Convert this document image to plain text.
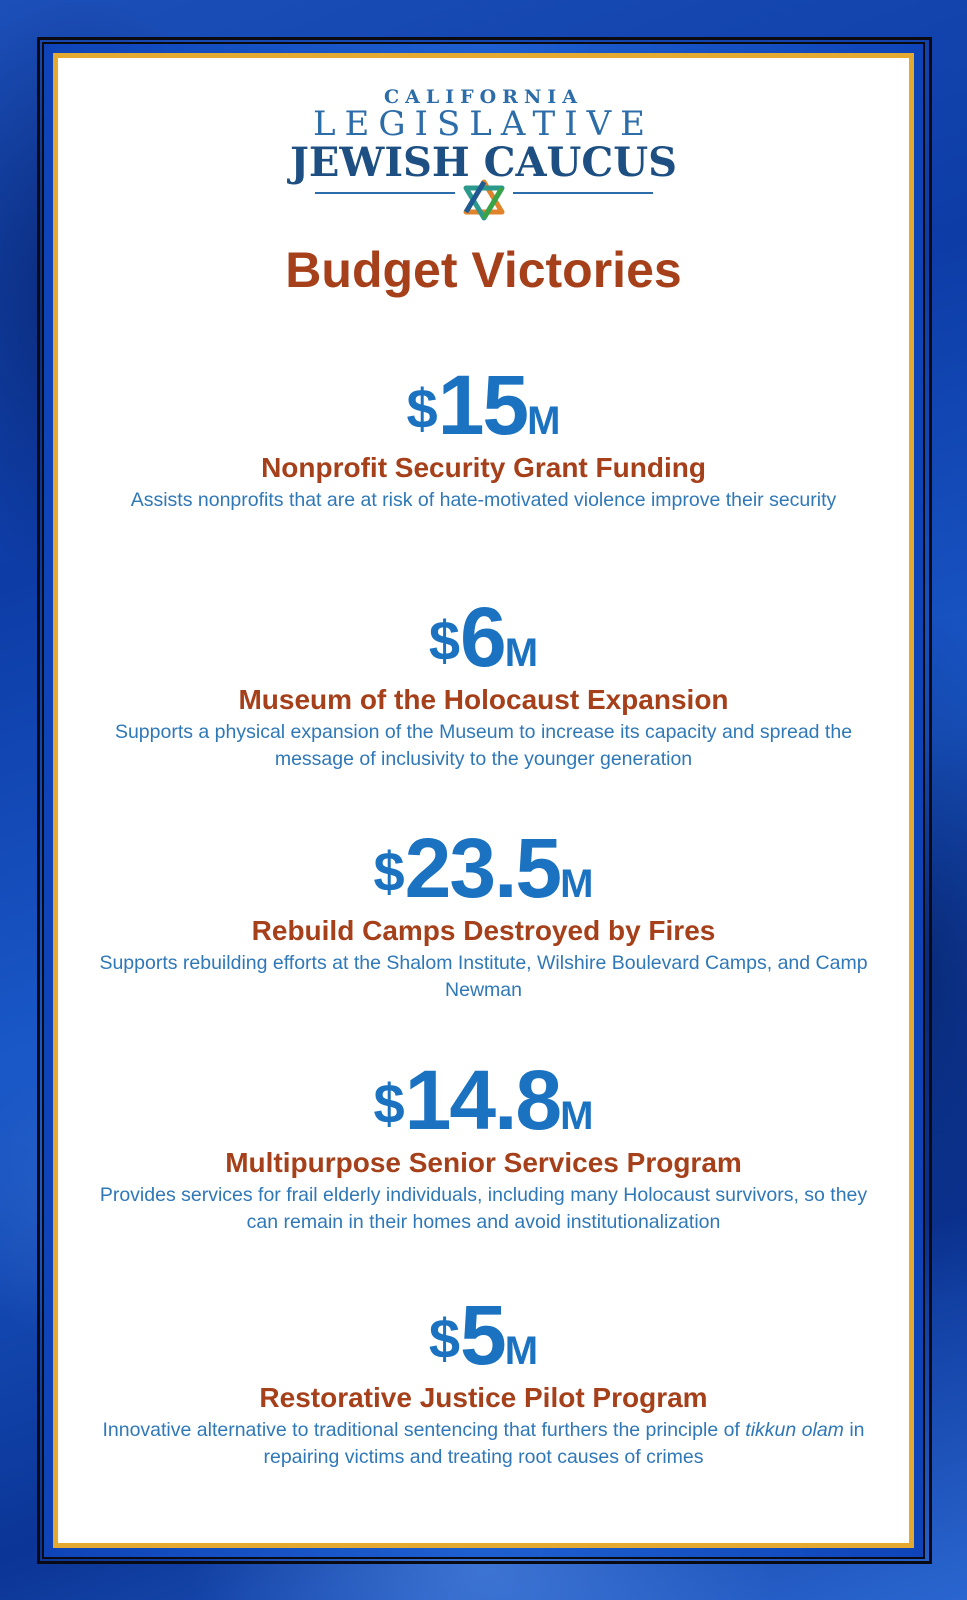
CALIFORNIA
LEGISLATIVE
JEWISH CAUCUS
Budget Victories
$15M
Nonprofit Security Grant Funding
Assists nonprofits that are at risk of hate-motivated violence improve their security
$6M
Museum of the Holocaust Expansion
Supports a physical expansion of the Museum to increase its capacity and spread the message of inclusivity to the younger generation
$23.5M
Rebuild Camps Destroyed by Fires
Supports rebuilding efforts at the Shalom Institute, Wilshire Boulevard Camps, and Camp Newman
$14.8M
Multipurpose Senior Services Program
Provides services for frail elderly individuals, including many Holocaust survivors, so they can remain in their homes and avoid institutionalization
$5M
Restorative Justice Pilot Program
Innovative alternative to traditional sentencing that furthers the principle of tikkun olam in repairing victims and treating root causes of crimes
